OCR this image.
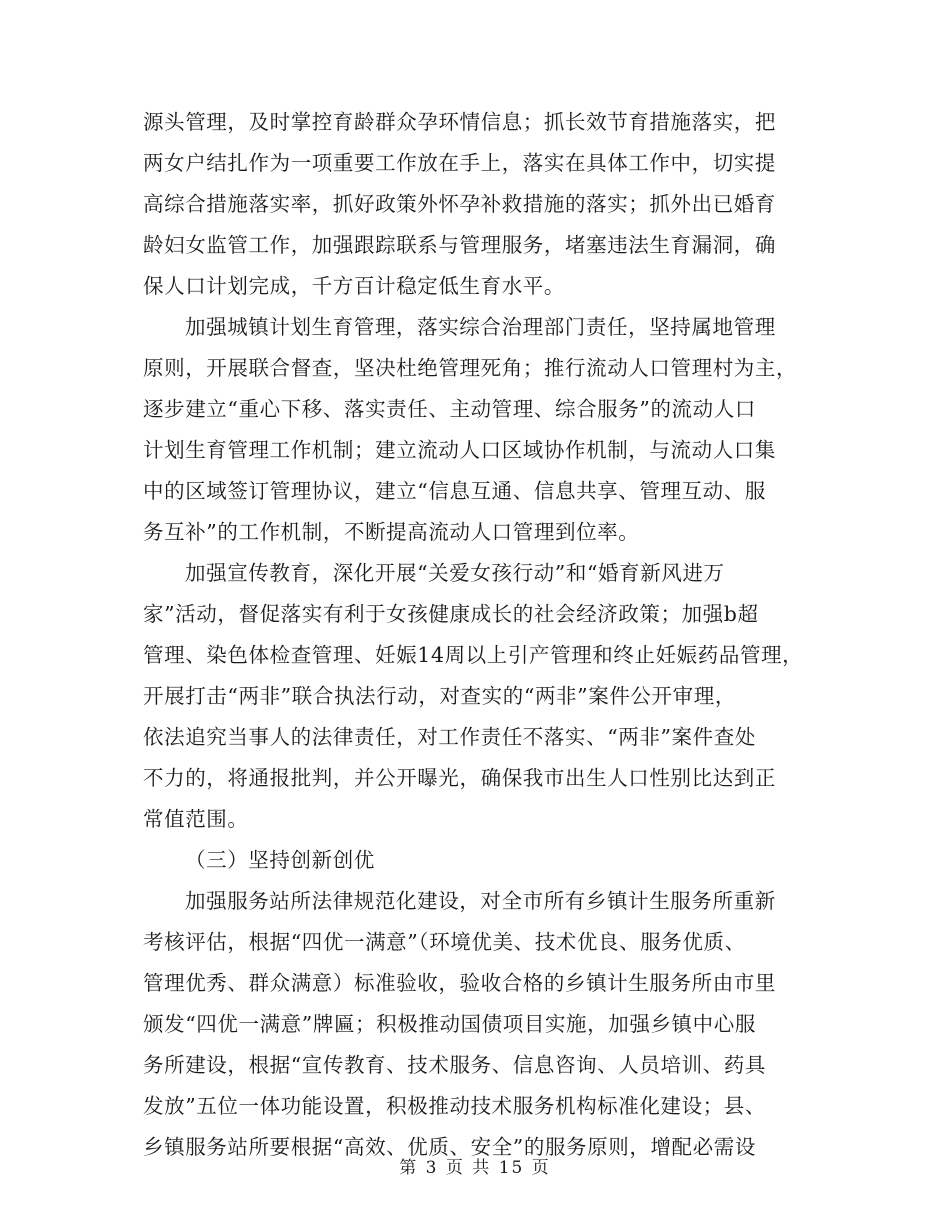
源头管理，及时掌控育龄群众孕环情信息；抓长效节育措施落实，把
两女户结扎作为一项重要工作放在手上，落实在具体工作中，切实提
高综合措施落实率，抓好政策外怀孕补救措施的落实；抓外出已婚育
龄妇女监管工作，加强跟踪联系与管理服务，堵塞违法生育漏洞，确
保人口计划完成，千方百计稳定低生育水平。
加强城镇计划生育管理，落实综合治理部门责任，坚持属地管理
原则，开展联合督查，坚决杜绝管理死角；推行流动人口管理村为主，
逐步建立“重心下移、落实责任、主动管理、综合服务”的流动人口
计划生育管理工作机制；建立流动人口区域协作机制，与流动人口集
中的区域签订管理协议，建立“信息互通、信息共享、管理互动、服
务互补”的工作机制，不断提高流动人口管理到位率。
加强宣传教育，深化开展“关爱女孩行动”和“婚育新风进万
家”活动，督促落实有利于女孩健康成长的社会经济政策；加强b超
管理、染色体检查管理、妊娠14周以上引产管理和终止妊娠药品管理，
开展打击“两非”联合执法行动，对查实的“两非”案件公开审理，
依法追究当事人的法律责任，对工作责任不落实、“两非”案件查处
不力的，将通报批判，并公开曝光，确保我市出生人口性别比达到正
常值范围。
（三）坚持创新创优
加强服务站所法律规范化建设，对全市所有乡镇计生服务所重新
考核评估，根据“四优一满意”（环境优美、技术优良、服务优质、
管理优秀、群众满意）标准验收，验收合格的乡镇计生服务所由市里
颁发“四优一满意”牌匾；积极推动国债项目实施，加强乡镇中心服
务所建设，根据“宣传教育、技术服务、信息咨询、人员培训、药具
发放”五位一体功能设置，积极推动技术服务机构标准化建设；县、
乡镇服务站所要根据“高效、优质、安全”的服务原则，增配必需设
第 3 页 共 15 页
